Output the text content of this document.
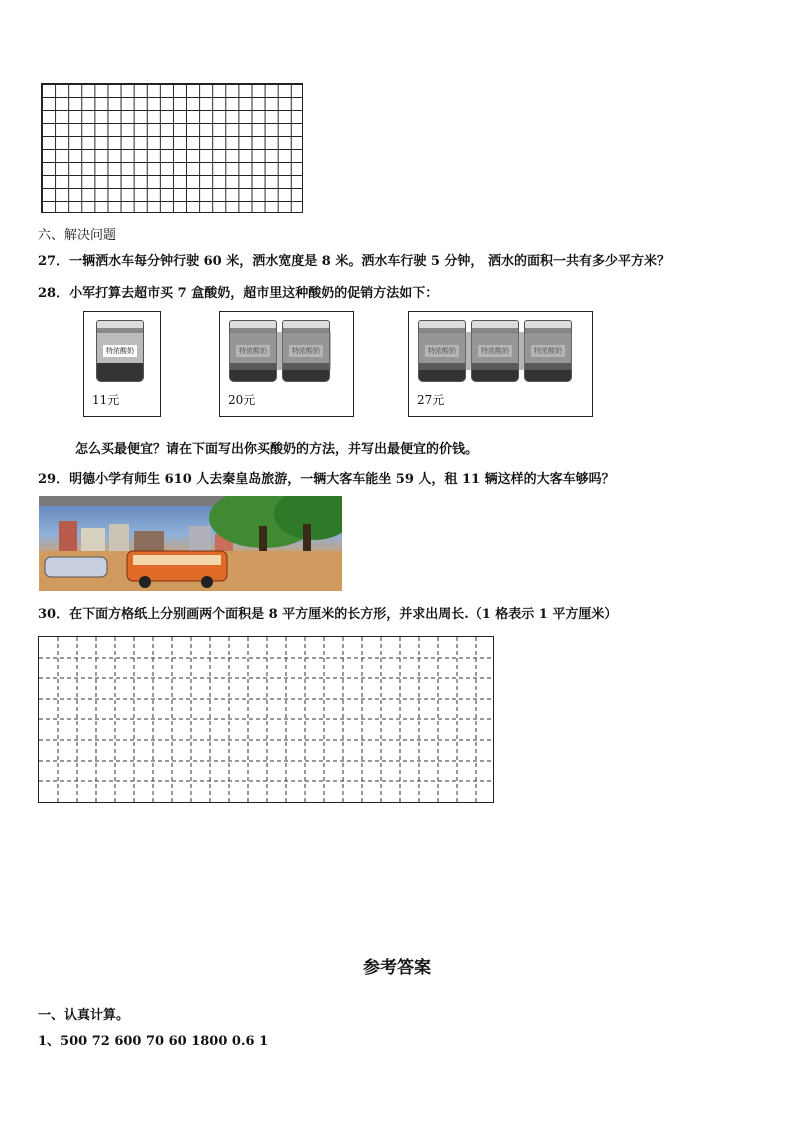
六、解决问题
27．一辆洒水车每分钟行驶 60 米，洒水宽度是 8 米。洒水车行驶 5 分钟， 洒水的面积一共有多少平方米？
28．小军打算去超市买 7 盒酸奶，超市里这种酸奶的促销方法如下：
特浓酸奶
11元	20元	27元
怎么买最便宜？请在下面写出你买酸奶的方法，并写出最便宜的价钱。
29．明德小学有师生 610 人去秦皇岛旅游，一辆大客车能坐 59 人，租 11 辆这样的大客车够吗？
30．在下面方格纸上分别画两个面积是 8 平方厘米的长方形，并求出周长.（1 格表示 1 平方厘米）
参考答案
一、认真计算。
1、500 72 600 70 60 1800 0.6 1
